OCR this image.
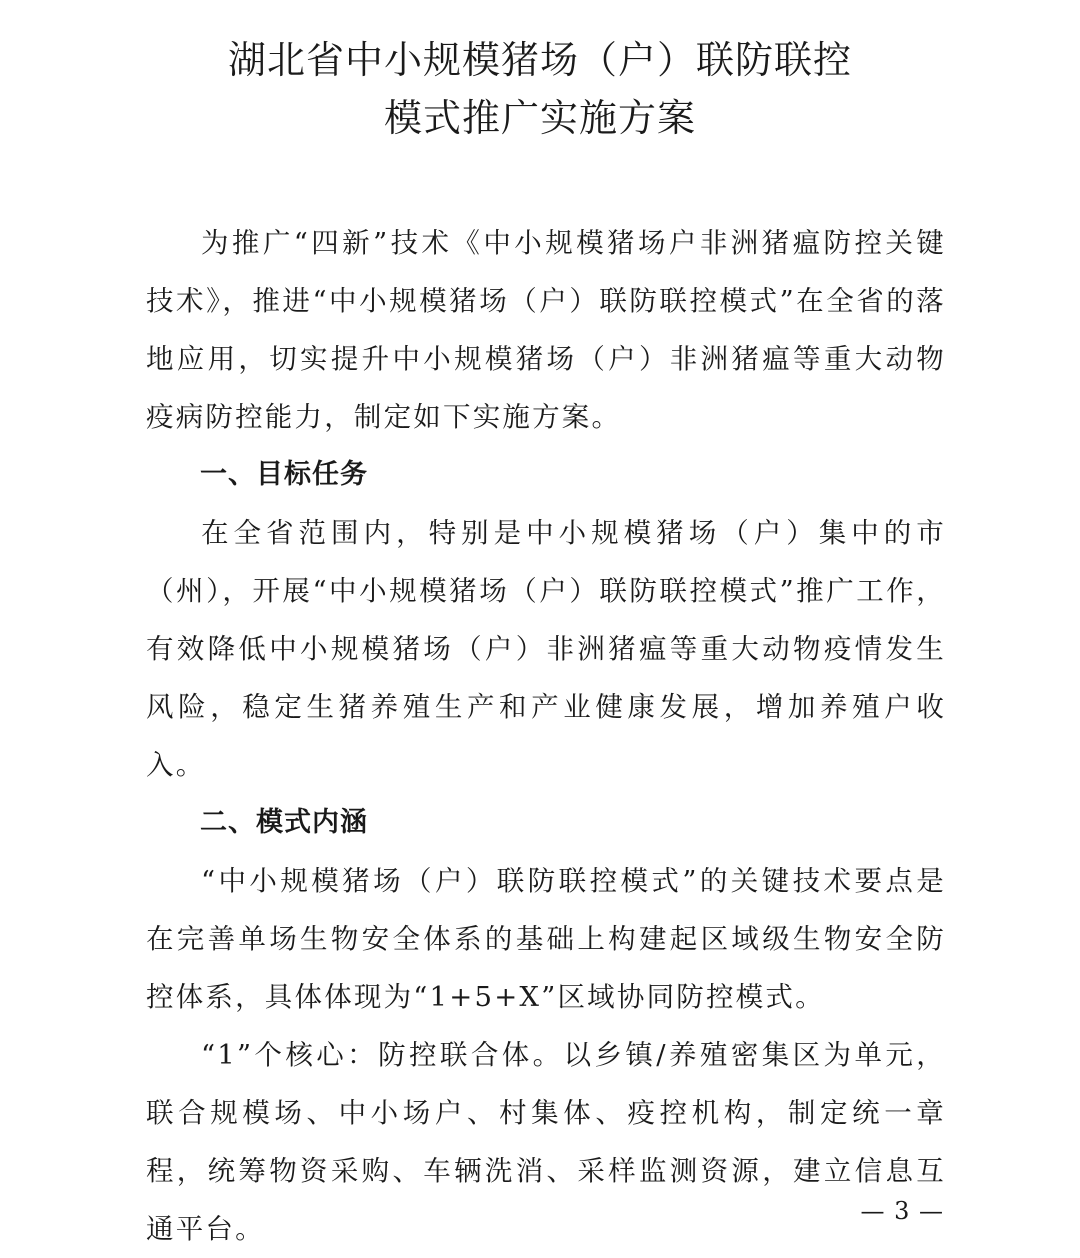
湖北省中小规模猪场（户）联防联控
模式推广实施方案

为推广“四新”技术《中小规模猪场户非洲猪瘟防控关键技术》，推进“中小规模猪场（户）联防联控模式”在全省的落地应用，切实提升中小规模猪场（户）非洲猪瘟等重大动物疫病防控能力，制定如下实施方案。

一、目标任务

在全省范围内，特别是中小规模猪场（户）集中的市（州），开展“中小规模猪场（户）联防联控模式”推广工作，有效降低中小规模猪场（户）非洲猪瘟等重大动物疫情发生风险，稳定生猪养殖生产和产业健康发展，增加养殖户收入。

二、模式内涵

“中小规模猪场（户）联防联控模式”的关键技术要点是在完善单场生物安全体系的基础上构建起区域级生物安全防控体系，具体体现为“1+5+X”区域协同防控模式。

“1”个核心：防控联合体。以乡镇/养殖密集区为单元，联合规模场、中小场户、村集体、疫控机构，制定统一章程，统筹物资采购、车辆洗消、采样监测资源，建立信息互通平台。

— 3 —
